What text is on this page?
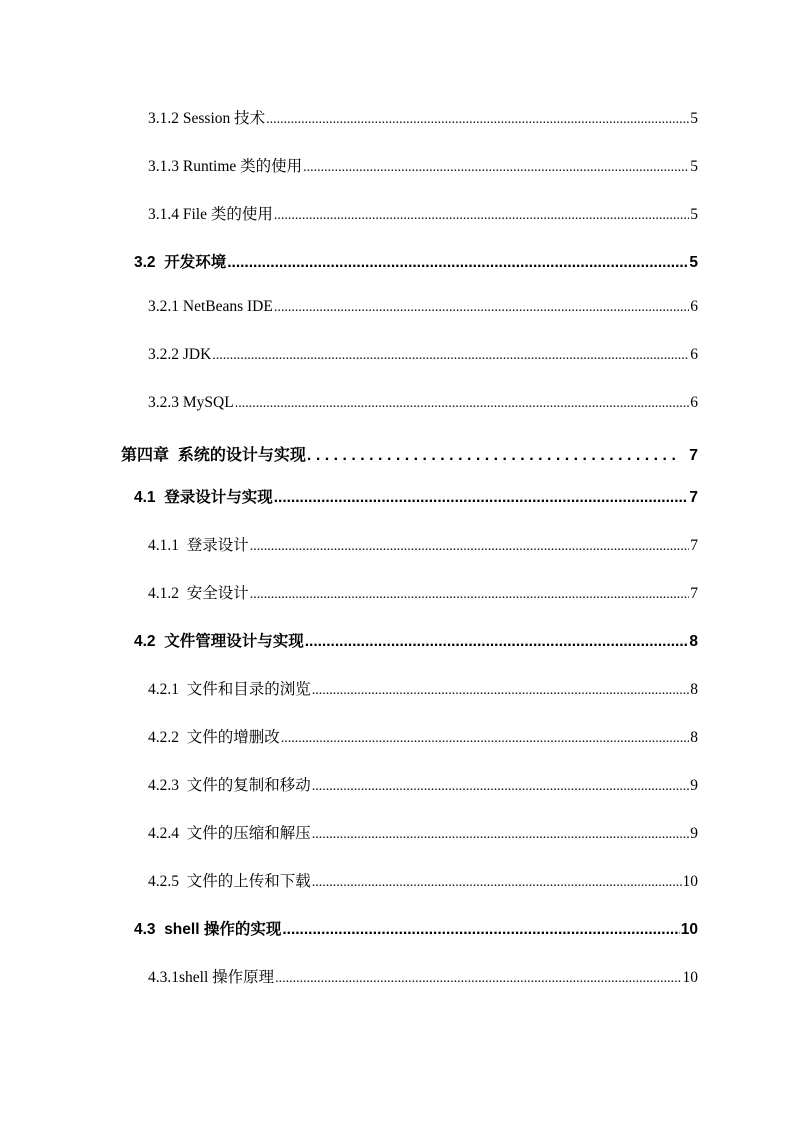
3.1.2 Session 技术 .....	5
3.1.3 Runtime 类的使用 .....	5
3.1.4 File 类的使用 .....	5
3.2 开发环境 .....	5
3.2.1 NetBeans IDE .....	6
3.2.2 JDK .....	6
3.2.3 MySQL .....	6
第四章 系统的设计与实现 . . .	7
4.1 登录设计与实现 .....	7
4.1.1 登录设计 .....	7
4.1.2 安全设计 .....	7
4.2 文件管理设计与实现 .....	8
4.2.1 文件和目录的浏览 .....	8
4.2.2 文件的增删改 .....	8
4.2.3 文件的复制和移动 .....	9
4.2.4 文件的压缩和解压 .....	9
4.2.5 文件的上传和下载 .....	10
4.3 shell 操作的实现 .....	10
4.3.1shell 操作原理 .....	10
